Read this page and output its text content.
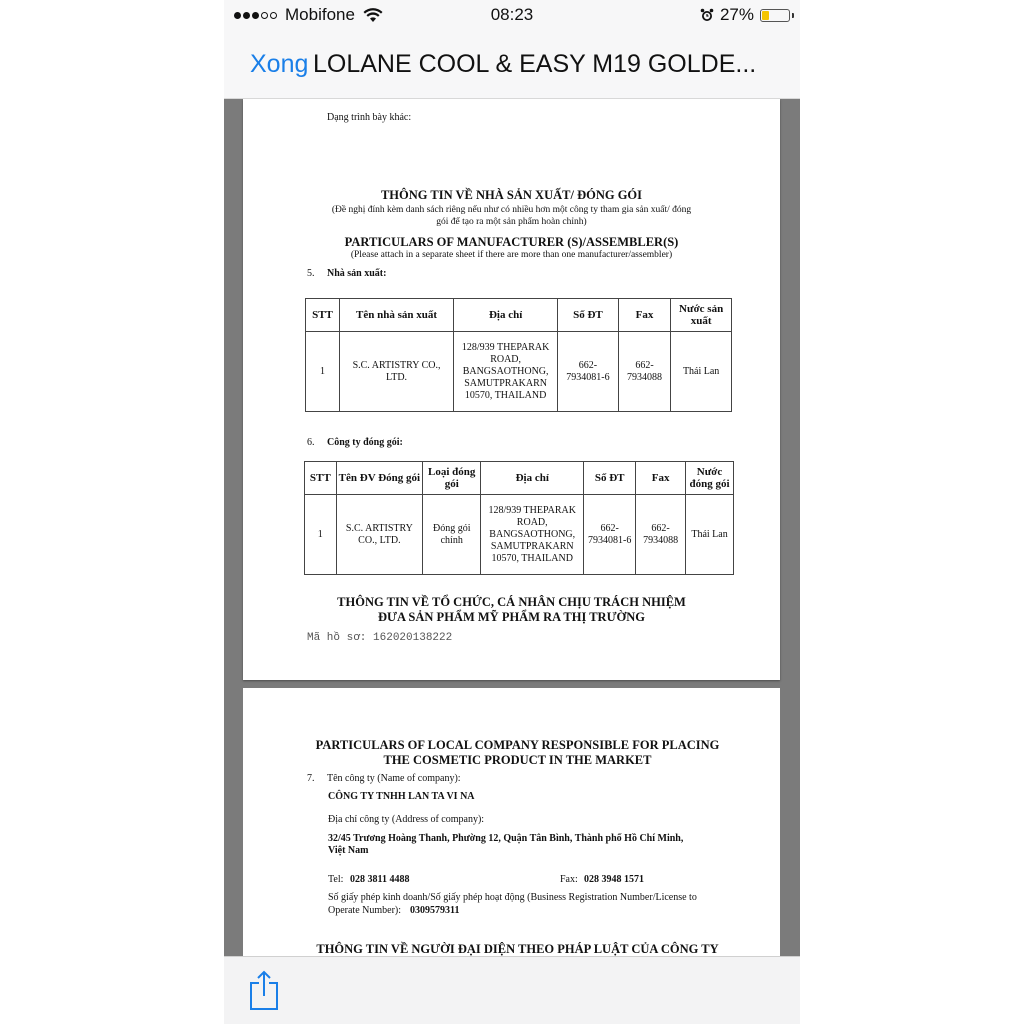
Mobifone	08:23	27%
Xong LOLANE COOL & EASY M19 GOLDE...
Dạng trình bày khác:
THÔNG TIN VỀ NHÀ SẢN XUẤT/ ĐÓNG GÓI
(Đề nghị đính kèm danh sách riêng nếu như có nhiều hơn một công ty tham gia sản xuất/ đóng
gói để tạo ra một sản phẩm hoàn chỉnh)
PARTICULARS OF MANUFACTURER (S)/ASSEMBLER(S)
(Please attach in a separate sheet if there are more than one manufacturer/assembler)
5. Nhà sản xuất:
STT	Tên nhà sản xuất	Địa chỉ	Số ĐT	Fax	Nước sản xuất
1	S.C. ARTISTRY CO., LTD.	128/939 THEPARAK ROAD, BANGSAOTHONG, SAMUTPRAKARN 10570, THAILAND	662-7934081-6	662-7934088	Thái Lan
6. Công ty đóng gói:
STT	Tên ĐV Đóng gói	Loại đóng gói	Địa chỉ	Số ĐT	Fax	Nước đóng gói
1	S.C. ARTISTRY CO., LTD.	Đóng gói chính	128/939 THEPARAK ROAD, BANGSAOTHONG, SAMUTPRAKARN 10570, THAILAND	662-7934081-6	662-7934088	Thái Lan
THÔNG TIN VỀ TỔ CHỨC, CÁ NHÂN CHỊU TRÁCH NHIỆM
ĐƯA SẢN PHẨM MỸ PHẨM RA THỊ TRƯỜNG
Mã hồ sơ: 162020138222
PARTICULARS OF LOCAL COMPANY RESPONSIBLE FOR PLACING
THE COSMETIC PRODUCT IN THE MARKET
7. Tên công ty (Name of company):
CÔNG TY TNHH LAN TA VI NA
Địa chỉ công ty (Address of company):
32/45 Trương Hoàng Thanh, Phường 12, Quận Tân Bình, Thành phố Hồ Chí Minh,
Việt Nam
Tel: 028 3811 4488	Fax: 028 3948 1571
Số giấy phép kinh doanh/Số giấy phép hoạt động (Business Registration Number/License to
Operate Number): 0309579311
THÔNG TIN VỀ NGƯỜI ĐẠI DIỆN THEO PHÁP LUẬT CỦA CÔNG TY
